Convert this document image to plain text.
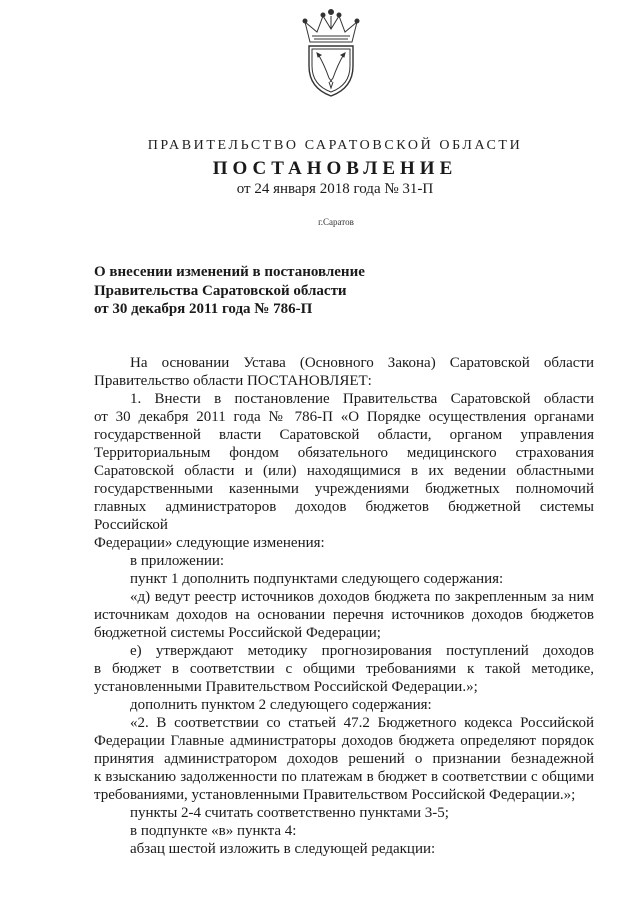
ПРАВИТЕЛЬСТВО САРАТОВСКОЙ ОБЛАСТИ
ПОСТАНОВЛЕНИЕ
от 24 января 2018 года № 31-П
г.Саратов
О внесении изменений в постановление
Правительства Саратовской области
от 30 декабря 2011 года № 786-П

На основании Устава (Основного Закона) Саратовской области

Правительство области ПОСТАНОВЛЯЕТ:

1. Внести в постановление Правительства Саратовской области

от 30 декабря 2011 года № 786-П «О Порядке осуществления органами

государственной власти Саратовской области, органом управления

Территориальным фондом обязательного медицинского страхования

Саратовской области и (или) находящимися в их ведении областными

государственными казенными учреждениями бюджетных полномочий

главных администраторов доходов бюджетов бюджетной системы Российской

Федерации» следующие изменения:

в приложении:

пункт 1 дополнить подпунктами следующего содержания:

«д) ведут реестр источников доходов бюджета по закрепленным за ним

источникам доходов на основании перечня источников доходов бюджетов

бюджетной системы Российской Федерации;

е) утверждают методику прогнозирования поступлений доходов

в бюджет в соответствии с общими требованиями к такой методике,

установленными Правительством Российской Федерации.»;

дополнить пунктом 2 следующего содержания:

«2. В соответствии со статьей 47.2 Бюджетного кодекса Российской

Федерации Главные администраторы доходов бюджета определяют порядок

принятия администратором доходов решений о признании безнадежной

к взысканию задолженности по платежам в бюджет в соответствии с общими

требованиями, установленными Правительством Российской Федерации.»;

пункты 2-4 считать соответственно пунктами 3-5;

в подпункте «в» пункта 4:

абзац шестой изложить в следующей редакции:
